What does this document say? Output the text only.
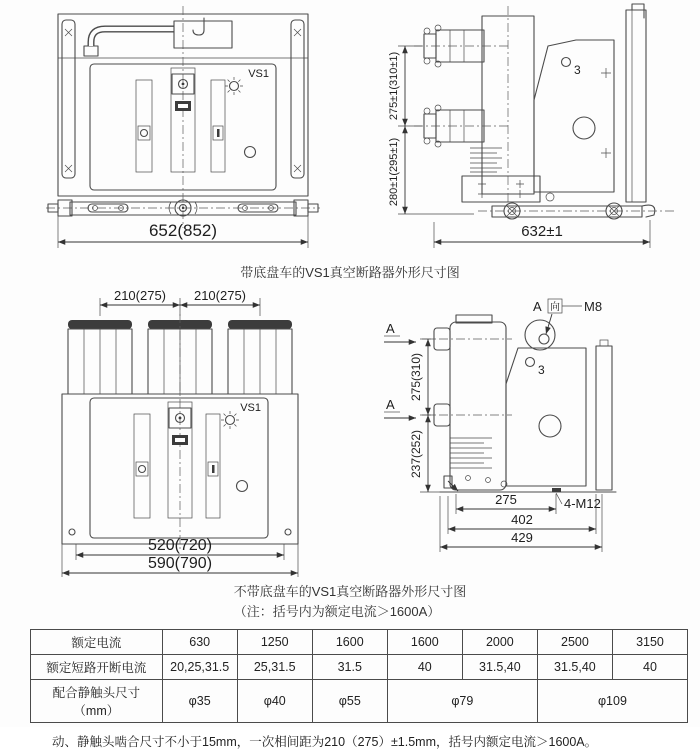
VS1
652(852)
3
275±1(310±1)
280±1(295±1)
632±1
带底盘车的VS1真空断路器外形尺寸图
210(275) 210(275)
VS1
520(720)
590(790)
A 向 M8
3
A
A
275(310)
237(252)
275	4-M12
402
429
不带底盘车的VS1真空断路器外形尺寸图
（注：括号内为额定电流＞1600A）
额定电流	630	1250	1600	1600	2000	2500	3150
额定短路开断电流	20,25,31.5	25,31.5	31.5	40	31.5,40	31.5,40	40
配合静触头尺寸（mm）	φ35	φ40	φ55	φ79		φ109	
动、静触头啮合尺寸不小于15mm，一次相间距为210（275）±1.5mm，括号内额定电流＞1600A。
